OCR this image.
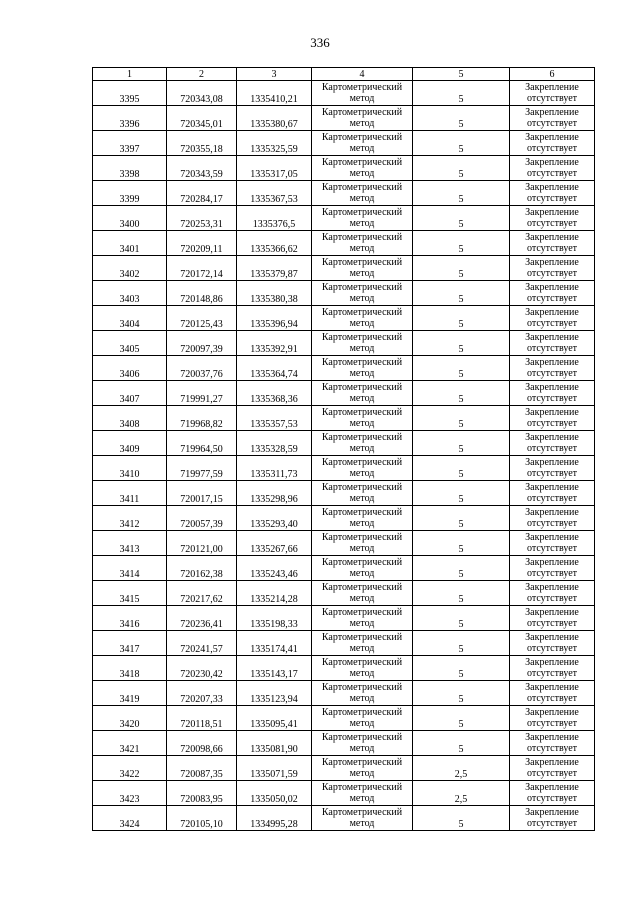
336
1	2	3	4	5	6
3395	720343,08	1335410,21	Картометрический метод	5	Закрепление отсутствует
3396	720345,01	1335380,67	Картометрический метод	5	Закрепление отсутствует
3397	720355,18	1335325,59	Картометрический метод	5	Закрепление отсутствует
3398	720343,59	1335317,05	Картометрический метод	5	Закрепление отсутствует
3399	720284,17	1335367,53	Картометрический метод	5	Закрепление отсутствует
3400	720253,31	1335376,5	Картометрический метод	5	Закрепление отсутствует
3401	720209,11	1335366,62	Картометрический метод	5	Закрепление отсутствует
3402	720172,14	1335379,87	Картометрический метод	5	Закрепление отсутствует
3403	720148,86	1335380,38	Картометрический метод	5	Закрепление отсутствует
3404	720125,43	1335396,94	Картометрический метод	5	Закрепление отсутствует
3405	720097,39	1335392,91	Картометрический метод	5	Закрепление отсутствует
3406	720037,76	1335364,74	Картометрический метод	5	Закрепление отсутствует
3407	719991,27	1335368,36	Картометрический метод	5	Закрепление отсутствует
3408	719968,82	1335357,53	Картометрический метод	5	Закрепление отсутствует
3409	719964,50	1335328,59	Картометрический метод	5	Закрепление отсутствует
3410	719977,59	1335311,73	Картометрический метод	5	Закрепление отсутствует
3411	720017,15	1335298,96	Картометрический метод	5	Закрепление отсутствует
3412	720057,39	1335293,40	Картометрический метод	5	Закрепление отсутствует
3413	720121,00	1335267,66	Картометрический метод	5	Закрепление отсутствует
3414	720162,38	1335243,46	Картометрический метод	5	Закрепление отсутствует
3415	720217,62	1335214,28	Картометрический метод	5	Закрепление отсутствует
3416	720236,41	1335198,33	Картометрический метод	5	Закрепление отсутствует
3417	720241,57	1335174,41	Картометрический метод	5	Закрепление отсутствует
3418	720230,42	1335143,17	Картометрический метод	5	Закрепление отсутствует
3419	720207,33	1335123,94	Картометрический метод	5	Закрепление отсутствует
3420	720118,51	1335095,41	Картометрический метод	5	Закрепление отсутствует
3421	720098,66	1335081,90	Картометрический метод	5	Закрепление отсутствует
3422	720087,35	1335071,59	Картометрический метод	2,5	Закрепление отсутствует
3423	720083,95	1335050,02	Картометрический метод	2,5	Закрепление отсутствует
3424	720105,10	1334995,28	Картометрический метод	5	Закрепление отсутствует
